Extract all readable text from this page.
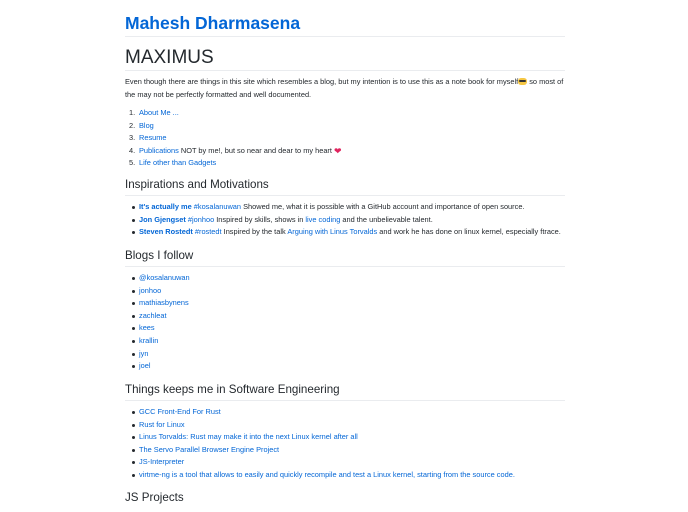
Mahesh Dharmasena
MAXIMUS

Even though there are things in this site which resembles a blog, but my intention is to use this as a note book for myself so most of the may not be perfectly formatted and well documented.

1. About Me ...
2. Blog
3. Resume
4. Publications NOT by me!, but so near and dear to my heart ❤
5. Life other than Gadgets
Inspirations and Motivations
It's actually me #kosalanuwan Showed me, what it is possible with a GitHub account and importance of open source.
Jon Gjengset #jonhoo Inspired by skills, shows in live coding and the unbelievable talent.
Steven Rostedt #rostedt Inspired by the talk Arguing with Linus Torvalds and work he has done on linux kernel, especially ftrace.
Blogs I follow
@kosalanuwan
jonhoo
mathiasbynens
zachleat
kees
krallin
jyn
joel
Things keeps me in Software Engineering
GCC Front-End For Rust
Rust for Linux
Linus Torvalds: Rust may make it into the next Linux kernel after all
The Servo Parallel Browser Engine Project
JS-Interpreter
virtme-ng is a tool that allows to easily and quickly recompile and test a Linux kernel, starting from the source code.
JS Projects
